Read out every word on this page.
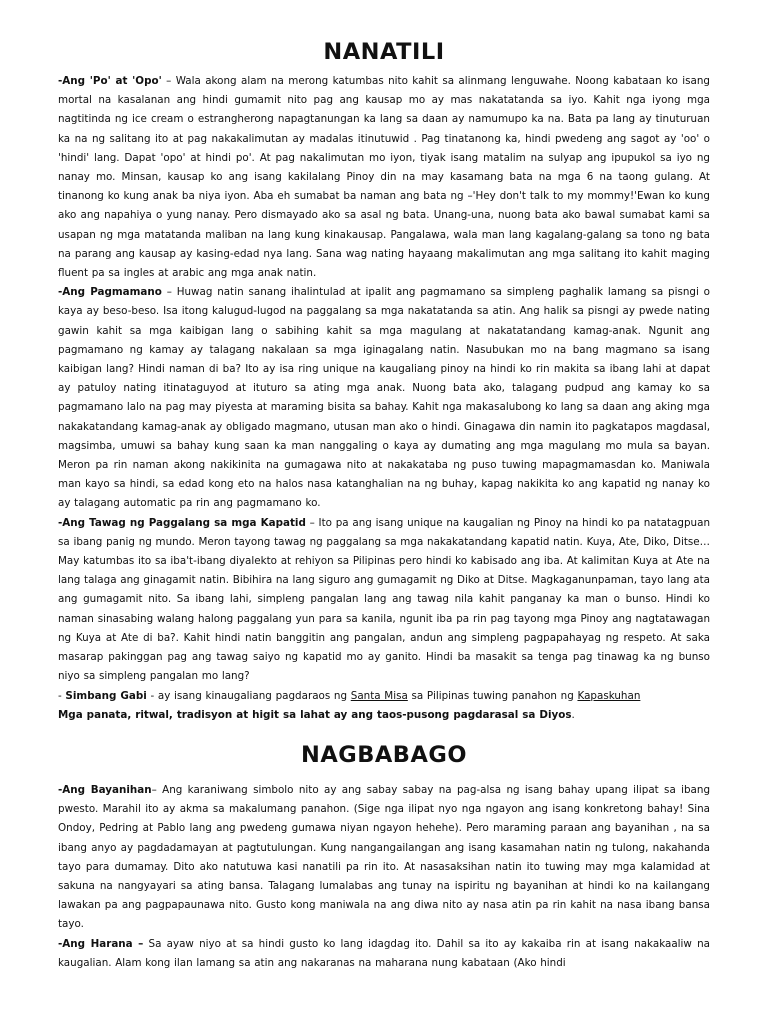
NANATILI

-Ang 'Po' at 'Opo' – Wala akong alam na merong katumbas nito kahit sa alinmang lenguwahe. Noong kabataan ko isang mortal na kasalanan ang hindi gumamit nito pag ang kausap mo ay mas nakatatanda sa iyo. Kahit nga iyong mga nagtitinda ng ice cream o estrangherong napagtanungan ka lang sa daan ay namumupo ka na. Bata pa lang ay tinuturuan ka na ng salitang ito at pag nakakalimutan ay madalas itinutuwid . Pag tinatanong ka, hindi pwedeng ang sagot ay 'oo' o 'hindi' lang. Dapat 'opo' at hindi po'. At pag nakalimutan mo iyon, tiyak isang matalim na sulyap ang ipupukol sa iyo ng nanay mo. Minsan, kausap ko ang isang kakilalang Pinoy din na may kasamang bata na mga 6 na taong gulang. At tinanong ko kung anak ba niya iyon. Aba eh sumabat ba naman ang bata ng –'Hey don't talk to my mommy!'Ewan ko kung ako ang napahiya o yung nanay. Pero dismayado ako sa asal ng bata. Unang-una, nuong bata ako bawal sumabat kami sa usapan ng mga matatanda maliban na lang kung kinakausap. Pangalawa, wala man lang kagalang-galang sa tono ng bata na parang ang kausap ay kasing-edad nya lang. Sana wag nating hayaang makalimutan ang mga salitang ito kahit maging fluent pa sa ingles at arabic ang mga anak natin.

-Ang Pagmamano – Huwag natin sanang ihalintulad at ipalit ang pagmamano sa simpleng paghalik lamang sa pisngi o kaya ay beso-beso. Isa itong kalugud-lugod na paggalang sa mga nakatatanda sa atin. Ang halik sa pisngi ay pwede nating gawin kahit sa mga kaibigan lang o sabihing kahit sa mga magulang at nakatatandang kamag-anak. Ngunit ang pagmamano ng kamay ay talagang nakalaan sa mga iginagalang natin. Nasubukan mo na bang magmano sa isang kaibigan lang? Hindi naman di ba? Ito ay isa ring unique na kaugaliang pinoy na hindi ko rin makita sa ibang lahi at dapat ay patuloy nating itinataguyod at ituturo sa ating mga anak. Nuong bata ako, talagang pudpud ang kamay ko sa pagmamano lalo na pag may piyesta at maraming bisita sa bahay. Kahit nga makasalubong ko lang sa daan ang aking mga nakakatandang kamag-anak ay obligado magmano, utusan man ako o hindi. Ginagawa din namin ito pagkatapos magdasal, magsimba, umuwi sa bahay kung saan ka man nanggaling o kaya ay dumating ang mga magulang mo mula sa bayan. Meron pa rin naman akong nakikinita na gumagawa nito at nakakataba ng puso tuwing mapagmamasdan ko. Maniwala man kayo sa hindi, sa edad kong eto na halos nasa katanghalian na ng buhay, kapag nakikita ko ang kapatid ng nanay ko ay talagang automatic pa rin ang pagmamano ko.

-Ang Tawag ng Paggalang sa mga Kapatid – Ito pa ang isang unique na kaugalian ng Pinoy na hindi ko pa natatagpuan sa ibang panig ng mundo. Meron tayong tawag ng paggalang sa mga nakakatandang kapatid natin. Kuya, Ate, Diko, Ditse…May katumbas ito sa iba't-ibang diyalekto at rehiyon sa Pilipinas pero hindi ko kabisado ang iba. At kalimitan Kuya at Ate na lang talaga ang ginagamit natin. Bibihira na lang siguro ang gumagamit ng Diko at Ditse. Magkaganunpaman, tayo lang ata ang gumagamit nito. Sa ibang lahi, simpleng pangalan lang ang tawag nila kahit panganay ka man o bunso. Hindi ko naman sinasabing walang halong paggalang yun para sa kanila, ngunit iba pa rin pag tayong mga Pinoy ang nagtatawagan ng Kuya at Ate di ba?. Kahit hindi natin banggitin ang pangalan, andun ang simpleng pagpapahayag ng respeto. At saka masarap pakinggan pag ang tawag saiyo ng kapatid mo ay ganito. Hindi ba masakit sa tenga pag tinawag ka ng bunso niyo sa simpleng pangalan mo lang?

- Simbang Gabi - ay isang kinaugaliang pagdaraos ng Santa Misa sa Pilipinas tuwing panahon ng Kapaskuhan
Mga panata, ritwal, tradisyon at higit sa lahat ay ang taos-pusong pagdarasal sa Diyos.

NAGBABAGO

-Ang Bayanihan– Ang karaniwang simbolo nito ay ang sabay sabay na pag-alsa ng isang bahay upang ilipat sa ibang pwesto. Marahil ito ay akma sa makalumang panahon. (Sige nga ilipat nyo nga ngayon ang isang konkretong bahay! Sina Ondoy, Pedring at Pablo lang ang pwedeng gumawa niyan ngayon hehehe). Pero maraming paraan ang bayanihan , na sa ibang anyo ay pagdadamayan at pagtutulungan. Kung nangangailangan ang isang kasamahan natin ng tulong, nakahanda tayo para dumamay. Dito ako natutuwa kasi nanatili pa rin ito. At nasasaksihan natin ito tuwing may mga kalamidad at sakuna na nangyayari sa ating bansa. Talagang lumalabas ang tunay na ispiritu ng bayanihan at hindi ko na kailangang lawakan pa ang pagpapaunawa nito. Gusto kong maniwala na ang diwa nito ay nasa atin pa rin kahit na nasa ibang bansa tayo.

-Ang Harana – Sa ayaw niyo at sa hindi gusto ko lang idagdag ito. Dahil sa ito ay kakaiba rin at isang nakakaaliw na kaugalian. Alam kong ilan lamang sa atin ang nakaranas na maharana nung kabataan (Ako hindi
